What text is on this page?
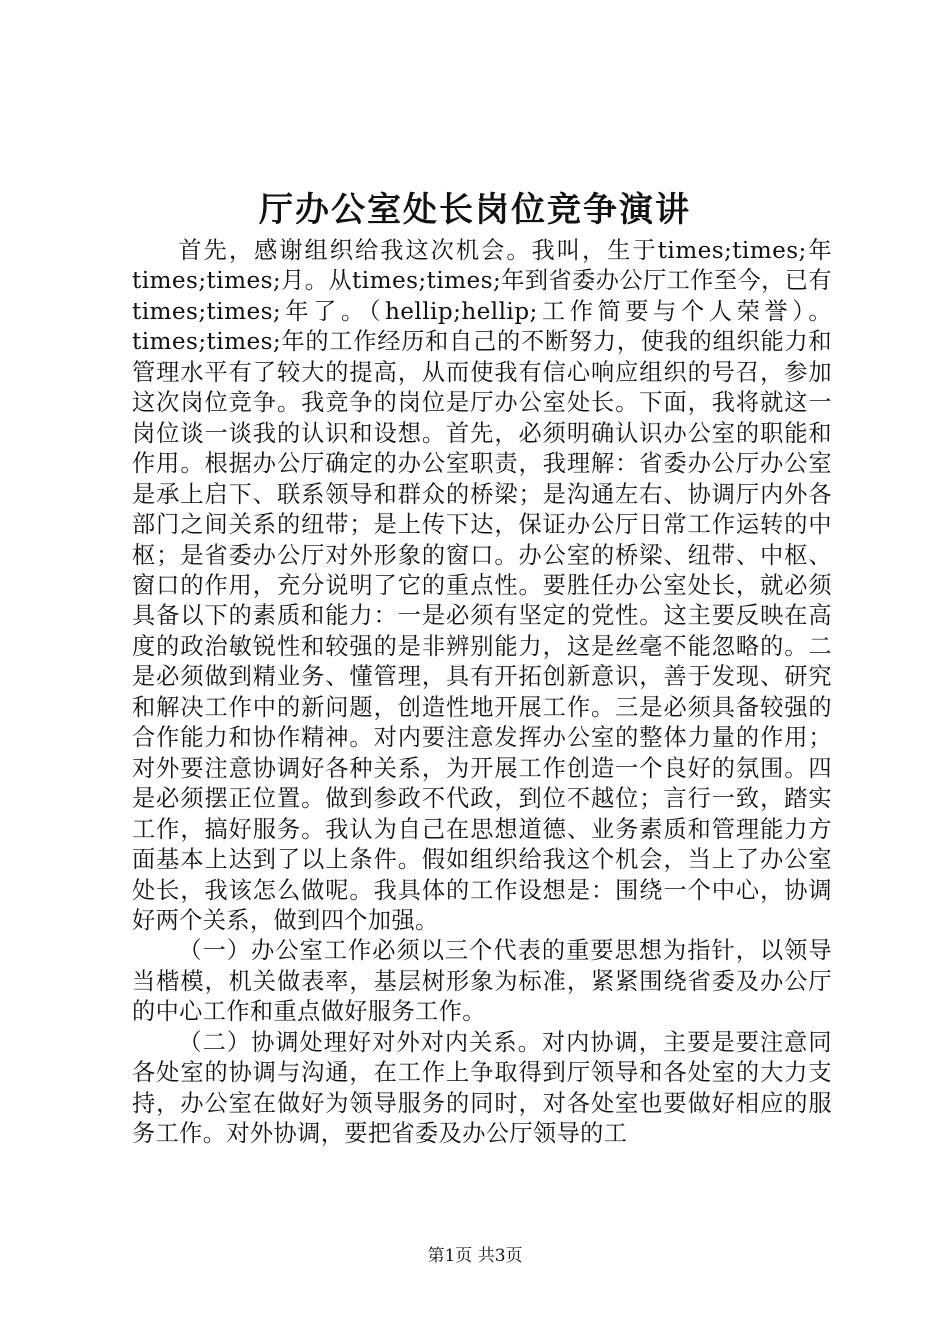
厅办公室处长岗位竞争演讲

首先，感谢组织给我这次机会。我叫，生于times;times;年times;times;月。从times;times;年到省委办公厅工作至今，已有times;times;年了。（hellip;hellip;工作简要与个人荣誉）。times;times;年的工作经历和自己的不断努力，使我的组织能力和管理水平有了较大的提高，从而使我有信心响应组织的号召，参加这次岗位竞争。我竞争的岗位是厅办公室处长。下面，我将就这一岗位谈一谈我的认识和设想。首先，必须明确认识办公室的职能和作用。根据办公厅确定的办公室职责，我理解：省委办公厅办公室是承上启下、联系领导和群众的桥梁；是沟通左右、协调厅内外各部门之间关系的纽带；是上传下达，保证办公厅日常工作运转的中枢；是省委办公厅对外形象的窗口。办公室的桥梁、纽带、中枢、窗口的作用，充分说明了它的重点性。要胜任办公室处长，就必须具备以下的素质和能力：一是必须有坚定的党性。这主要反映在高度的政治敏锐性和较强的是非辨别能力，这是丝毫不能忽略的。二是必须做到精业务、懂管理，具有开拓创新意识，善于发现、研究和解决工作中的新问题，创造性地开展工作。三是必须具备较强的合作能力和协作精神。对内要注意发挥办公室的整体力量的作用；对外要注意协调好各种关系，为开展工作创造一个良好的氛围。四是必须摆正位置。做到参政不代政，到位不越位；言行一致，踏实工作，搞好服务。我认为自己在思想道德、业务素质和管理能力方面基本上达到了以上条件。假如组织给我这个机会，当上了办公室处长，我该怎么做呢。我具体的工作设想是：围绕一个中心，协调好两个关系，做到四个加强。

（一）办公室工作必须以三个代表的重要思想为指针，以领导当楷模，机关做表率，基层树形象为标准，紧紧围绕省委及办公厅的中心工作和重点做好服务工作。

（二）协调处理好对外对内关系。对内协调，主要是要注意同各处室的协调与沟通，在工作上争取得到厅领导和各处室的大力支持，办公室在做好为领导服务的同时，对各处室也要做好相应的服务工作。对外协调，要把省委及办公厅领导的工

第1页 共3页
